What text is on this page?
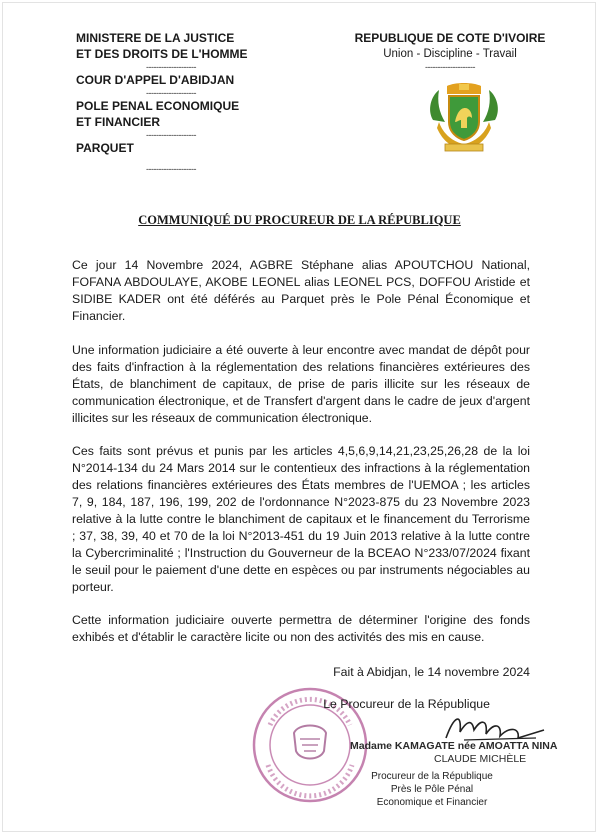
MINISTERE DE LA JUSTICE
ET DES DROITS DE L'HOMME
--------------------
COUR D'APPEL D'ABIDJAN
--------------------
POLE PENAL ECONOMIQUE
ET FINANCIER
--------------------
PARQUET
--------------------
REPUBLIQUE DE COTE D'IVOIRE
Union - Discipline - Travail
--------------------
COMMUNIQUÉ DU PROCUREUR DE LA RÉPUBLIQUE
Ce jour 14 Novembre 2024, AGBRE Stéphane alias APOUTCHOU National, FOFANA ABDOULAYE, AKOBE LEONEL alias LEONEL PCS, DOFFOU Aristide et SIDIBE KADER ont été déférés au Parquet près le Pole Pénal Économique et Financier.
Une information judiciaire a été ouverte à leur encontre avec mandat de dépôt pour des faits d'infraction à la réglementation des relations financières extérieures des États, de blanchiment de capitaux, de prise de paris illicite sur les réseaux de communication électronique, et de Transfert d'argent dans le cadre de jeux d'argent illicites sur les réseaux de communication électronique.
Ces faits sont prévus et punis par les articles 4,5,6,9,14,21,23,25,26,28 de la loi N°2014-134 du 24 Mars 2014 sur le contentieux des infractions à la réglementation des relations financières extérieures des États membres de l'UEMOA ; les articles 7, 9, 184, 187, 196, 199, 202 de l'ordonnance N°2023-875 du 23 Novembre 2023 relative à la lutte contre le blanchiment de capitaux et le financement du Terrorisme ; 37, 38, 39, 40 et 70 de la loi N°2013-451 du 19 Juin 2013 relative à la lutte contre la Cybercriminalité ; l'Instruction du Gouverneur de la BCEAO N°233/07/2024 fixant le seuil pour le paiement d'une dette en espèces ou par instruments négociables au porteur.
Cette information judiciaire ouverte permettra de déterminer l'origine des fonds exhibés et d'établir le caractère licite ou non des activités des mis en cause.
Fait à Abidjan, le 14 novembre 2024
Le Procureur de la République
Madame KAMAGATE née AMOATTA NINA
CLAUDE MICHÈLE
Procureur de la République
Près le Pôle Pénal
Economique et Financier
